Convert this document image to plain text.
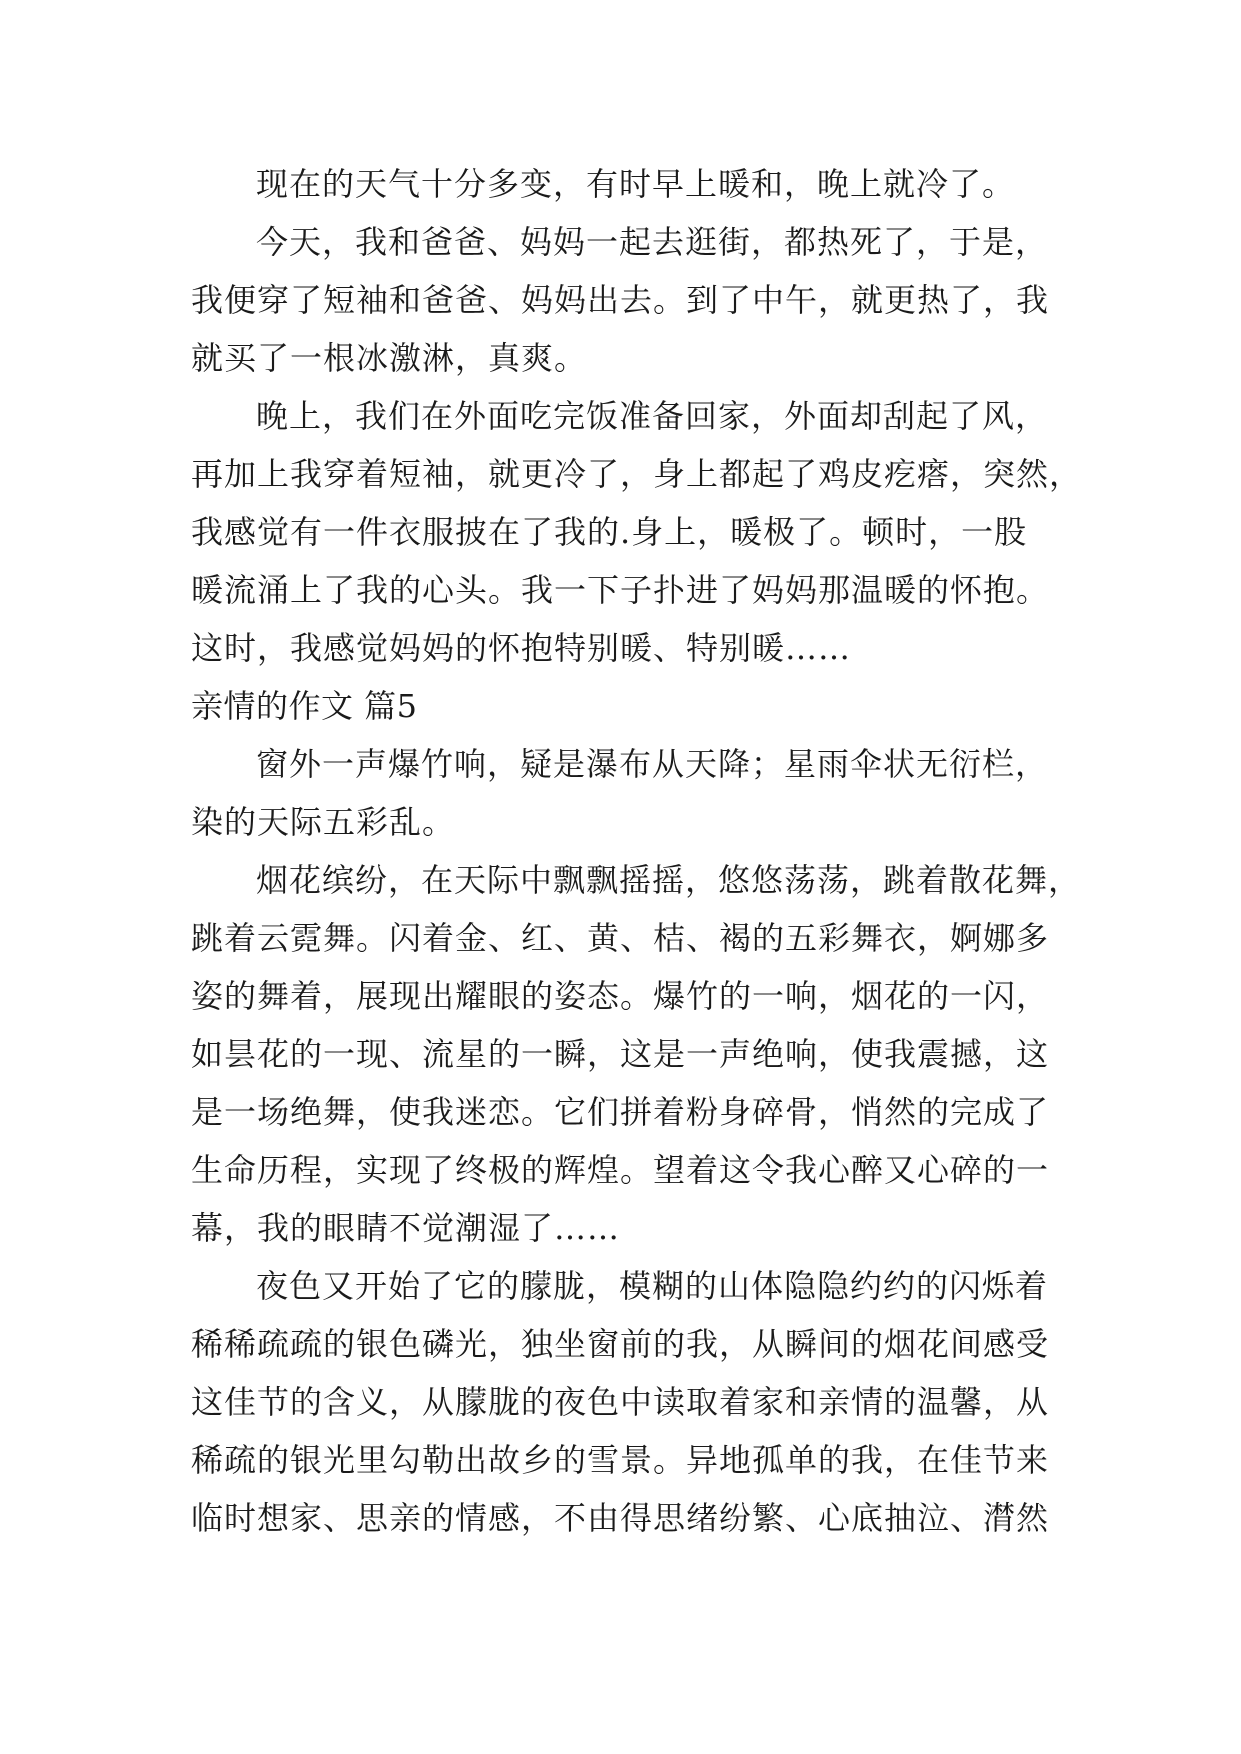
现在的天气十分多变，有时早上暖和，晚上就冷了。
今天，我和爸爸、妈妈一起去逛街，都热死了，于是，
我便穿了短袖和爸爸、妈妈出去。到了中午，就更热了，我
就买了一根冰激淋，真爽。
晚上，我们在外面吃完饭准备回家，外面却刮起了风，
再加上我穿着短袖，就更冷了，身上都起了鸡皮疙瘩，突然，
我感觉有一件衣服披在了我的.身上，暖极了。顿时，一股
暖流涌上了我的心头。我一下子扑进了妈妈那温暖的怀抱。
这时，我感觉妈妈的怀抱特别暖、特别暖……
亲情的作文 篇5
窗外一声爆竹响，疑是瀑布从天降；星雨伞状无衍栏，
染的天际五彩乱。
烟花缤纷，在天际中飘飘摇摇，悠悠荡荡，跳着散花舞，
跳着云霓舞。闪着金、红、黄、桔、褐的五彩舞衣，婀娜多
姿的舞着，展现出耀眼的姿态。爆竹的一响，烟花的一闪，
如昙花的一现、流星的一瞬，这是一声绝响，使我震撼，这
是一场绝舞，使我迷恋。它们拼着粉身碎骨，悄然的完成了
生命历程，实现了终极的辉煌。望着这令我心醉又心碎的一
幕，我的眼睛不觉潮湿了……
夜色又开始了它的朦胧，模糊的山体隐隐约约的闪烁着
稀稀疏疏的银色磷光，独坐窗前的我，从瞬间的烟花间感受
这佳节的含义，从朦胧的夜色中读取着家和亲情的温馨，从
稀疏的银光里勾勒出故乡的雪景。异地孤单的我，在佳节来
临时想家、思亲的情感，不由得思绪纷繁、心底抽泣、潸然
